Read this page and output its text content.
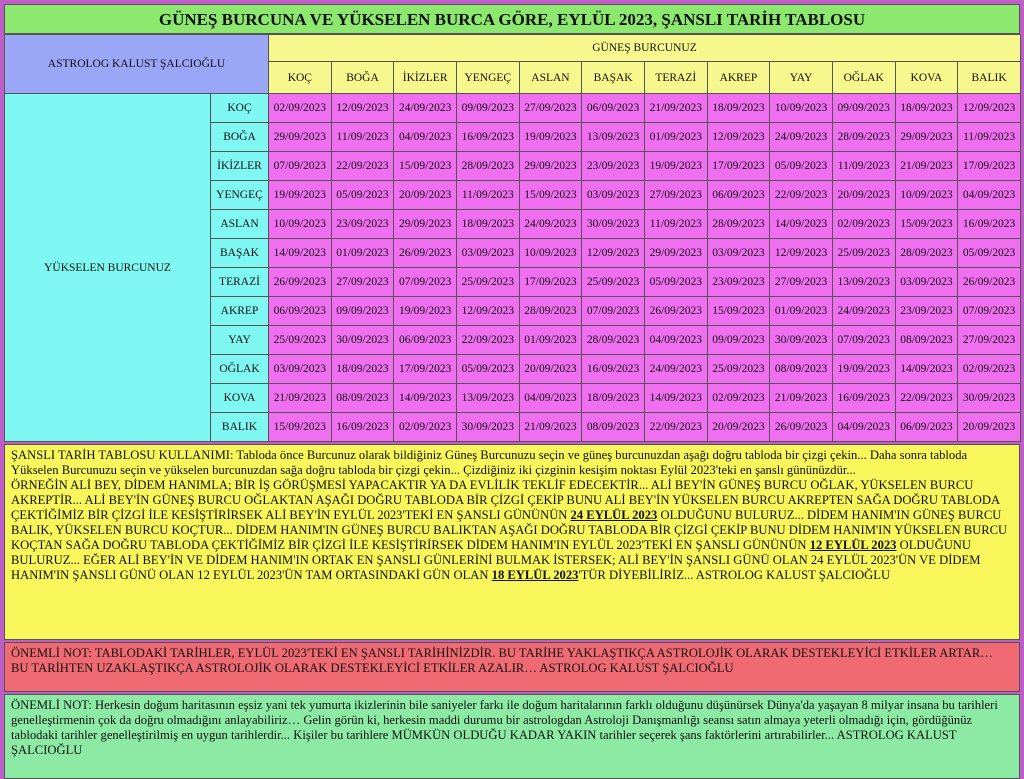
GÜNEŞ BURCUNA VE YÜKSELEN BURCA GÖRE, EYLÜL 2023, ŞANSLI TARİH TABLOSU
ASTROLOG KALUST ŞALCIOĞLU		GÜNEŞ BURCUNUZ											
		KOÇ	BOĞA	İKİZLER	YENGEÇ	ASLAN	BAŞAK	TERAZİ	AKREP	YAY	OĞLAK	KOVA	BALIK
YÜKSELEN BURCUNUZ	KOÇ	02/09/2023	12/09/2023	24/09/2023	09/09/2023	27/09/2023	06/09/2023	21/09/2023	18/09/2023	10/09/2023	09/09/2023	18/09/2023	12/09/2023
	BOĞA	29/09/2023	11/09/2023	04/09/2023	16/09/2023	19/09/2023	13/09/2023	01/09/2023	12/09/2023	24/09/2023	28/09/2023	29/09/2023	11/09/2023
	İKİZLER	07/09/2023	22/09/2023	15/09/2023	28/09/2023	29/09/2023	23/09/2023	19/09/2023	17/09/2023	05/09/2023	11/09/2023	21/09/2023	17/09/2023
	YENGEÇ	19/09/2023	05/09/2023	20/09/2023	11/09/2023	15/09/2023	03/09/2023	27/09/2023	06/09/2023	22/09/2023	20/09/2023	10/09/2023	04/09/2023
	ASLAN	10/09/2023	23/09/2023	29/09/2023	18/09/2023	24/09/2023	30/09/2023	11/09/2023	28/09/2023	14/09/2023	02/09/2023	15/09/2023	16/09/2023
	BAŞAK	14/09/2023	01/09/2023	26/09/2023	03/09/2023	10/09/2023	12/09/2023	29/09/2023	03/09/2023	12/09/2023	25/09/2023	28/09/2023	05/09/2023
	TERAZİ	26/09/2023	27/09/2023	07/09/2023	25/09/2023	17/09/2023	25/09/2023	05/09/2023	23/09/2023	27/09/2023	13/09/2023	03/09/2023	26/09/2023
	AKREP	06/09/2023	09/09/2023	19/09/2023	12/09/2023	28/09/2023	07/09/2023	26/09/2023	15/09/2023	01/09/2023	24/09/2023	23/09/2023	07/09/2023
	YAY	25/09/2023	30/09/2023	06/09/2023	22/09/2023	01/09/2023	28/09/2023	04/09/2023	09/09/2023	30/09/2023	07/09/2023	08/09/2023	27/09/2023
	OĞLAK	03/09/2023	18/09/2023	17/09/2023	05/09/2023	20/09/2023	16/09/2023	24/09/2023	25/09/2023	08/09/2023	19/09/2023	14/09/2023	02/09/2023
	KOVA	21/09/2023	08/09/2023	14/09/2023	13/09/2023	04/09/2023	18/09/2023	14/09/2023	02/09/2023	21/09/2023	16/09/2023	22/09/2023	30/09/2023
	BALIK	15/09/2023	16/09/2023	02/09/2023	30/09/2023	21/09/2023	08/09/2023	22/09/2023	20/09/2023	26/09/2023	04/09/2023	06/09/2023	20/09/2023

ŞANSLI TARİH TABLOSU KULLANIMI: Tabloda önce Burcunuz olarak bildiğiniz Güneş Burcunuzu seçin ve güneş burcunuzdan aşağı doğru tabloda bir çizgi çekin... Daha sonra tabloda Yükselen Burcunuzu seçin ve yükselen burcunuzdan sağa doğru tabloda bir çizgi çekin... Çizdiğiniz iki çizginin kesişim noktası Eylül 2023'teki en şanslı gününüzdür...

ÖRNEĞİN ALİ BEY, DİDEM HANIMLA; BİR İŞ GÖRÜŞMESİ YAPACAKTIR YA DA EVLİLİK TEKLİF EDECEKTİR... ALİ BEY'İN GÜNEŞ BURCU OĞLAK, YÜKSELEN BURCU AKREPTİR... ALİ BEY'İN GÜNEŞ BURCU OĞLAKTAN AŞAĞI DOĞRU TABLODA BİR ÇİZGİ ÇEKİP BUNU ALİ BEY'İN YÜKSELEN BURCU AKREPTEN SAĞA DOĞRU TABLODA ÇEKTİĞİMİZ BİR ÇİZGİ İLE KESİŞTİRİRSEK ALİ BEY'İN EYLÜL 2023'TEKİ EN ŞANSLI GÜNÜNÜN 24 EYLÜL 2023 OLDUĞUNU BULURUZ... DİDEM HANIM'IN GÜNEŞ BURCU BALIK, YÜKSELEN BURCU KOÇTUR... DİDEM HANIM'IN GÜNEŞ BURCU BALIKTAN AŞAĞI DOĞRU TABLODA BİR ÇİZGİ ÇEKİP BUNU DİDEM HANIM'IN YÜKSELEN BURCU KOÇTAN SAĞA DOĞRU TABLODA ÇEKTİĞİMİZ BİR ÇİZGİ İLE KESİŞTİRİRSEK DİDEM HANIM'IN EYLÜL 2023'TEKİ EN ŞANSLI GÜNÜNÜN 12 EYLÜL 2023 OLDUĞUNU BULURUZ... EĞER ALİ BEY'İN VE DİDEM HANIM'IN ORTAK EN ŞANSLI GÜNLERİNİ BULMAK İSTERSEK; ALİ BEY'İN ŞANSLI GÜNÜ OLAN 24 EYLÜL 2023'ÜN VE DİDEM HANIM'IN ŞANSLI GÜNÜ OLAN 12 EYLÜL 2023'ÜN TAM ORTASINDAKİ GÜN OLAN 18 EYLÜL 2023'TÜR DİYEBİLİRİZ... ASTROLOG KALUST ŞALCIOĞLU

ÖNEMLİ NOT: TABLODAKİ TARİHLER, EYLÜL 2023'TEKİ EN ŞANSLI TARİHİNİZDİR. BU TARİHE YAKLAŞTIKÇA ASTROLOJİK OLARAK DESTEKLEYİCİ ETKİLER ARTAR… BU TARİHTEN UZAKLAŞTIKÇA ASTROLOJİK OLARAK DESTEKLEYİCİ ETKİLER AZALIR… ASTROLOG KALUST ŞALCIOĞLU
ÖNEMLİ NOT: Herkesin doğum haritasının eşsiz yani tek yumurta ikizlerinin bile saniyeler farkı ile doğum haritalarının farklı olduğunu düşünürsek Dünya'da yaşayan 8 milyar insana bu tarihleri genelleştirmenin çok da doğru olmadığını anlayabiliriz… Gelin görün ki, herkesin maddi durumu bir astrologdan Astroloji Danışmanlığı seansı satın almaya yeterli olmadığı için, gördüğünüz tablodaki tarihler genelleştirilmiş en uygun tarihlerdir... Kişiler bu tarihlere MÜMKÜN OLDUĞU KADAR YAKIN tarihler seçerek şans faktörlerini artırabilirler... ASTROLOG KALUST ŞALCIOĞLU
